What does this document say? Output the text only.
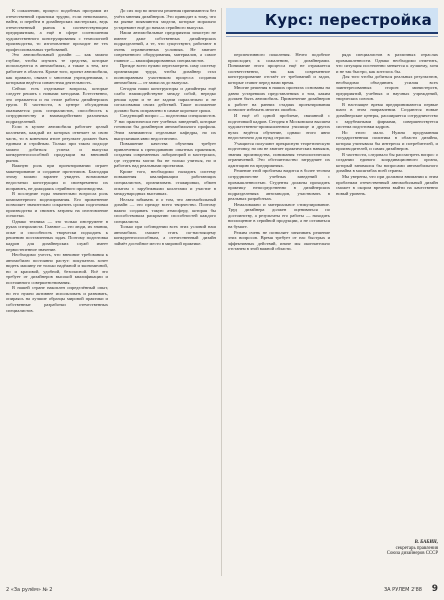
К сожалению, процесс подобных программ из отечественной практики трудно, если невозможно, найти, и перейти в дизайнерских мастерских, ведь отечественный рынок к соответствующим предприятиям, а ещё в сфере соотношения художественного конструирования с технологией производства, то изготовление проходит не тех профессиональных требований.

Это автомобильный дизайн — как можно глубже, чтобы изучить те средства, которые используются в автомобилях, а также к тем, кто работает в области. Кроме того, проект автомобиля, как правило, связан с многими учреждениями, с которыми ведётся совместная деятельность.

Сейчас есть отдельные вопросы, которые следует решать с новыми методами. Естественно, это отражается и на стиле работы дизайнерских групп. В частности, в центре обсуждения оказывается роль специалистов, способность к сотрудничеству и взаимодействию различных подразделений.

Если в кузове автомобиля работает целый коллектив, каждый из которых отвечает за свою часть, то в конечном итоге результат должен быть единым и стройным. Только при таком подходе можно добиться успеха и выпуска конкурентоспособной продукции на внешний рынок.

Важную роль при проектировании играет макетирование и создание прототипов. Благодаря этому можно заранее увидеть возможные недостатки конструкции и своевременно их исправить, не дожидаясь серийного производства.

В последние годы значительно возросла роль компьютерного моделирования. Его применение позволяет значительно сократить сроки подготовки производства и снизить затраты на изготовление оснастки.

Однако техника — это только инструмент в руках специалиста. Главное — это люди, их знания, опыт и способность творчески подходить к решению поставленных задач. Поэтому подготовка кадров для дизайнерских служб имеет первостепенное значение.

Необходимо учесть, что внешние требования к автомобилю постоянно растут: покупатель хочет видеть машину не только надёжной и экономичной, но и красивой, удобной, безопасной. Всё это требует от дизайнеров высокой квалификации и постоянного совершенствования.

В нашей стране накоплен определённый опыт, но его нужно активнее использовать и развивать, опираясь на лучшие образцы мировой практики и собственные разработки отечественных специалистов.

До сих пор во многом решения принимаются без учёта мнения дизайнеров. Это приводит к тому, что на рынке появляются модели, которые морально устаревают ещё до начала серийного выпуска.

Наши автомобильные предприятия зачастую не имеют даже собственных дизайнерских подразделений, а те, что существуют, работают в очень ограниченных условиях. Не хватает современного оборудования, материалов, а самое главное — квалифицированных специалистов.

Прежде всего нужно пересмотреть саму систему организации труда, чтобы дизайнер стал полноправным участником процесса создания автомобиля — от замысла до выпуска.

Сегодня наши конструкторы и дизайнеры ещё слабо взаимодействуют между собой, нередко решая одни и те же задачи параллельно и не согласовывая своих действий. Такое положение должно быть исправлено в самые короткие сроки.

Следующий вопрос — подготовка специалистов. У нас практически нет учебных заведений, которые готовили бы дизайнеров автомобильного профиля. Этим занимаются отдельные кафедры, но их выпускников явно недостаточно.

Повышение качества обучения требует привлечения к преподаванию опытных практиков, создания современных лабораторий и мастерских, где студенты могли бы не только учиться, но и работать над реальными проектами.

Кроме того, необходимо наладить систему повышения квалификации работающих специалистов, организовать стажировки, обмен опытом с зарубежными коллегами и участие в международных выставках.

Нельзя забывать и о том, что автомобильный дизайн — это прежде всего творчество. Поэтому важно создавать такую атмосферу, которая бы способствовала раскрытию способностей каждого специалиста.

Только при соблюдении всех этих условий наш автомобиль сможет стать по-настоящему конкурентоспособным, а отечественный дизайн займёт достойное место в мировой практике.

Курс: перестройка

перспективного поколения. Нечто подобное происходит, к сожалению, с дизайнерами. Понимание этого процесса ещё не отражается соответственно, так как современное конструирование отстаёт от требований и задач, которые ставит перед нами время.

Многие решения в наших проектах основаны на давно устаревших представлениях о том, каким должен быть автомобиль. Привлечение дизайнеров к работе на ранних стадиях проектирования позволит избежать многих ошибок.

И ещё об одной проблеме, связанной с подготовкой кадров. Сегодня в Московском высшем художественно-промышленном училище и других вузах ведётся обучение, однако этого явно недостаточно для нужд отрасли.

Учащиеся получают прекрасную теоретическую подготовку, но им не хватает практических навыков, знания производства, понимания технологических ограничений. Это обстоятельство затрудняет их адаптацию на предприятиях.

Решение этой проблемы видится в более тесном сотрудничестве учебных заведений с промышленностью. Студенты должны проходить практику непосредственно в дизайнерских подразделениях автозаводов, участвовать в реальных разработках.

Немаловажно и материальное стимулирование. Труд дизайнера должен оцениваться по достоинству, а результаты его работы — находить воплощение в серийной продукции, а не оставаться на бумаге.

Режим очень не позволяет затягивать решение этих вопросов. Время требует от нас быстрых и эффективных действий, иначе мы окончательно отстанем в этой важной области.

ряда специалистов в различных отраслях промышленности. Однако необходимо отметить, что ситуация постепенно меняется к лучшему, хотя и не так быстро, как хотелось бы.

Для того чтобы добиться реальных результатов, необходимо объединить усилия всех заинтересованных сторон: министерств, предприятий, учебных и научных учреждений, творческих союзов.

В настоящее время предпринимаются первые шаги в этом направлении. Создаются новые дизайнерские центры, расширяется сотрудничество с зарубежными фирмами, совершенствуется система подготовки кадров.

Но этого мало. Нужна продуманная государственная политика в области дизайна, которая учитывала бы интересы и потребителей, и производителей, и самих дизайнеров.

В частности, следовало бы рассмотреть вопрос о создании единого координационного органа, который занимался бы вопросами автомобильного дизайна в масштабах всей страны.

Мы уверены, что при должном внимании к этим проблемам отечественный автомобильный дизайн сможет в скором времени выйти на качественно новый уровень.

В. БАБИН,
секретарь правления
Союза дизайнеров СССР
2 «За рулём» № 2	ЗА РУЛЕМ 2'88 9
